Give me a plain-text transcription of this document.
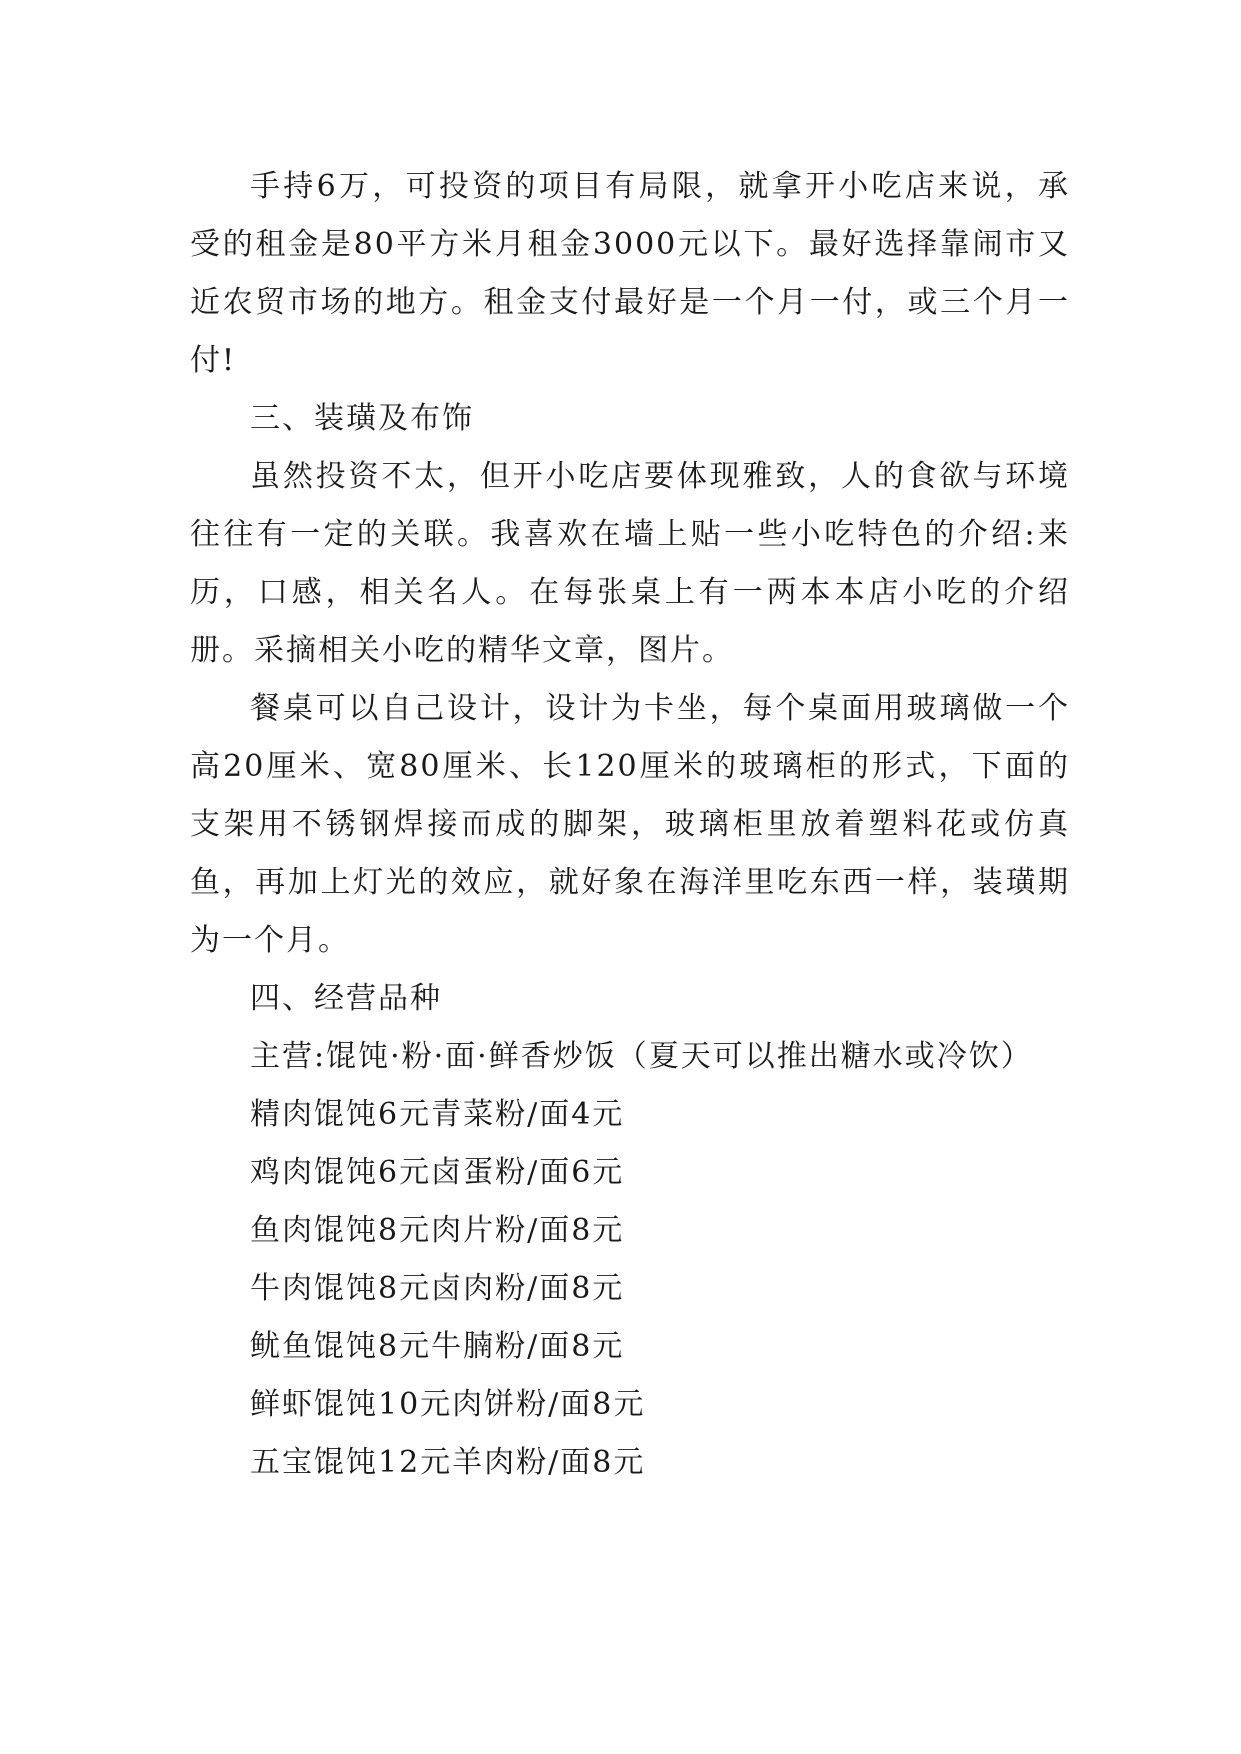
手持6万，可投资的项目有局限，就拿开小吃店来说，承受的租金是80平方米月租金3000元以下。最好选择靠闹市又近农贸市场的地方。租金支付最好是一个月一付，或三个月一付!

三、装璜及布饰

虽然投资不太，但开小吃店要体现雅致，人的食欲与环境往往有一定的关联。我喜欢在墙上贴一些小吃特色的介绍:来历，口感，相关名人。在每张桌上有一两本本店小吃的介绍册。采摘相关小吃的精华文章，图片。

餐桌可以自己设计，设计为卡坐，每个桌面用玻璃做一个高20厘米、宽80厘米、长120厘米的玻璃柜的形式，下面的支架用不锈钢焊接而成的脚架，玻璃柜里放着塑料花或仿真鱼，再加上灯光的效应，就好象在海洋里吃东西一样，装璜期为一个月。

四、经营品种

主营:馄饨·粉·面·鲜香炒饭（夏天可以推出糖水或冷饮）

精肉馄饨6元青菜粉/面4元

鸡肉馄饨6元卤蛋粉/面6元

鱼肉馄饨8元肉片粉/面8元

牛肉馄饨8元卤肉粉/面8元

鱿鱼馄饨8元牛腩粉/面8元

鲜虾馄饨10元肉饼粉/面8元

五宝馄饨12元羊肉粉/面8元
